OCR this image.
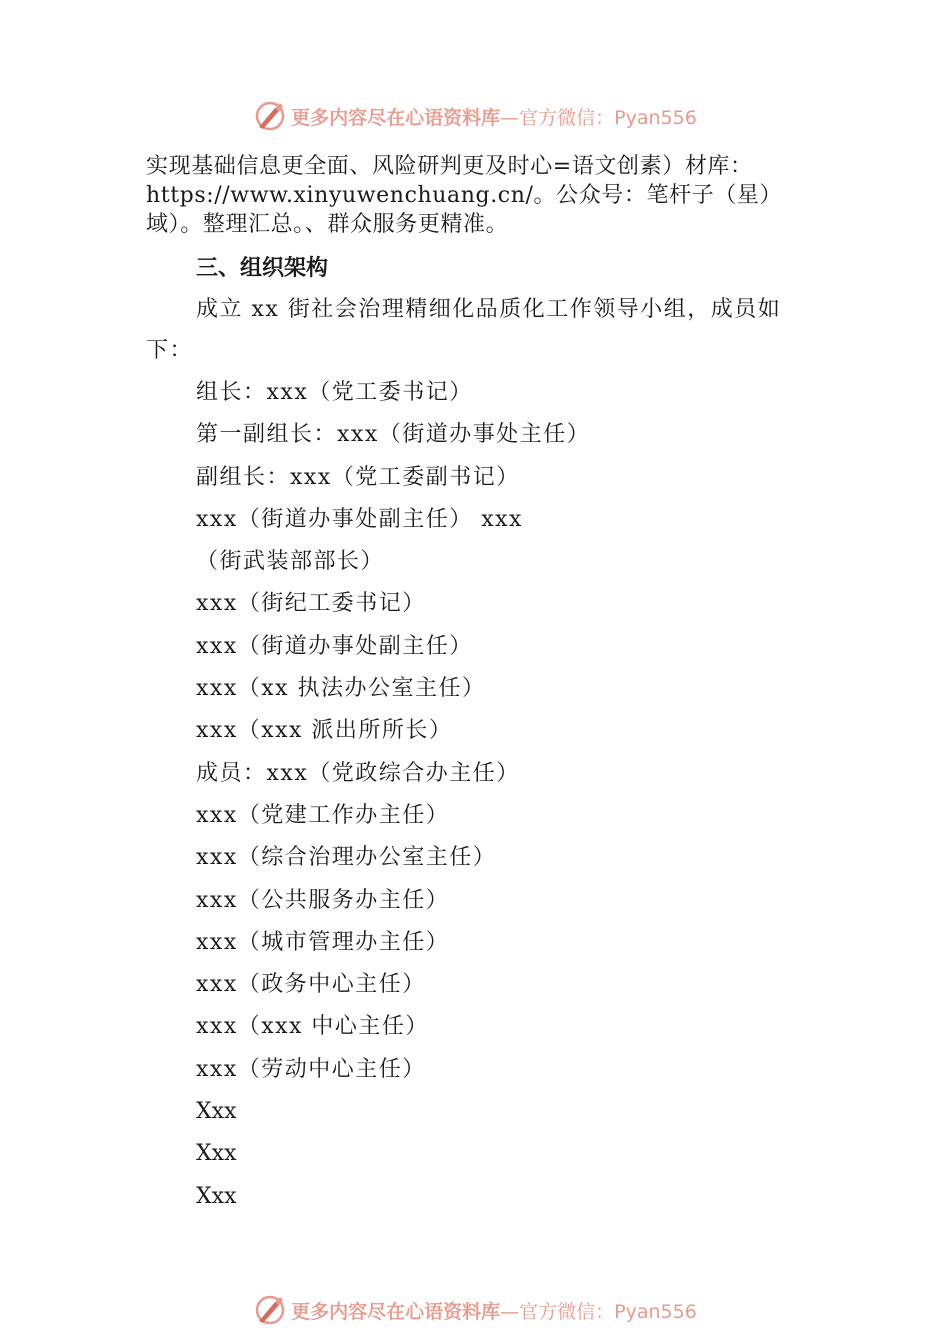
更多内容尽在心语资料库 —官方微信：Pyan556

实现基础信息更全面、风险研判更及时心=语文创素）材库：https://www.xinyuwenchuang.cn/。公众号：笔杆子（星）域）。整理汇总。、群众服务更精准。

三、组织架构

成立 xx 街社会治理精细化品质化工作领导小组，成员如下：

组长：xxx（党工委书记）
第一副组长：xxx（街道办事处主任）
副组长：xxx（党工委副书记）
xxx（街道办事处副主任） xxx
（街武装部部长）
xxx（街纪工委书记）
xxx（街道办事处副主任）
xxx（xx 执法办公室主任）
xxx（xxx 派出所所长）
成员：xxx（党政综合办主任）
xxx（党建工作办主任）
xxx（综合治理办公室主任）
xxx（公共服务办主任）
xxx（城市管理办主任）
xxx（政务中心主任）
xxx（xxx 中心主任）
xxx（劳动中心主任）
Xxx
Xxx
Xxx
更多内容尽在心语资料库 —官方微信：Pyan556
